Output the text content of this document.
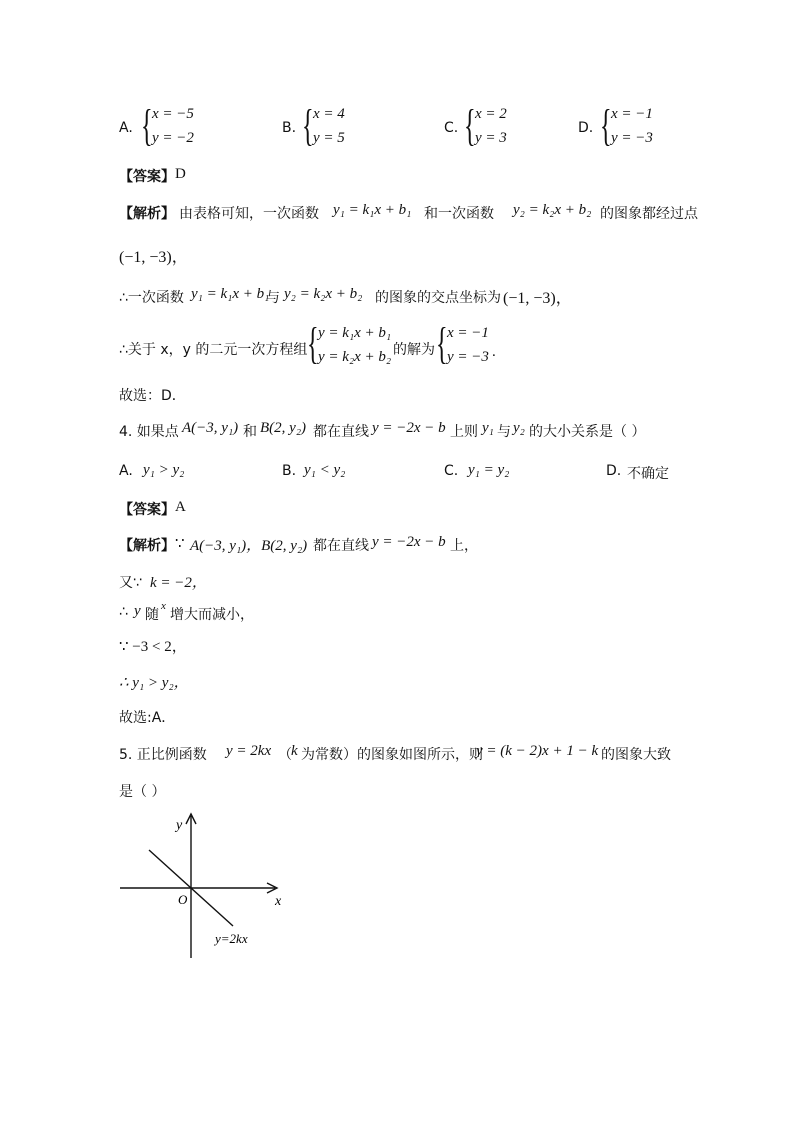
A. { x = −5
y = −2
B. { x = 4
y = 5
C. { x = 2
y = 3
D. { x = −1
y = −3
【答案】 D
【解析】 由表格可知，一次函数 y₁ = k₁x + b₁ 和一次函数 y₂ = k₂x + b₂ 的图象都经过点
(−1, −3)，
∴一次函数 y₁ = k₁x + b₁
与 y₂ = k₂x + b₂ 的图象的交点坐标为 (−1, −3)，
∴关于 x，y 的二元一次方程组 { y = k₁x + b₁
y = k₂x + b₂ 的解为 { x = −1
y = −3 .
故选：D．
4. 如果点 A(−3, y₁) 和 B(2, y₂) 都在直线 y = −2x − b 上则 y₁ 与 y₂ 的大小关系是（ ）
A. y₁ > y₂	B. y₁ < y₂	C. y₁ = y₂	D. 不确定
【答案】 A
【解析】 ∵ A(−3, y₁)，B(2, y₂) 都在直线 y = −2x − b 上，
又∵ k = −2，
∴ y 随
x
增大而减小，
∵ −3 < 2，
∴ y₁ > y₂，
故选:A．
5. 正比例函数 y = 2kx （ k 为常数）的图象如图所示，则
y = (k − 2)x + 1 − k 的图象大致
是（ ）
y
x
O
y=2kx
